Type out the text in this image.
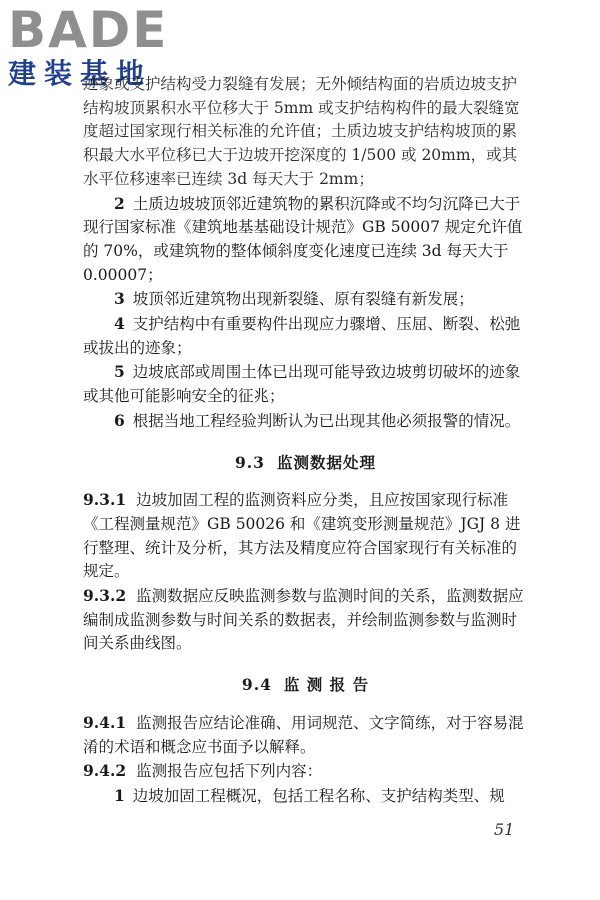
BADE
建装基地

迹象或支护结构受力裂缝有发展；无外倾结构面的岩质边坡支护结构坡顶累积水平位移大于 5mm 或支护结构构件的最大裂缝宽度超过国家现行相关标准的允许值；土质边坡支护结构坡顶的累积最大水平位移已大于边坡开挖深度的 1/500 或 20mm，或其水平位移速率已连续 3d 每天大于 2mm；

2 土质边坡坡顶邻近建筑物的累积沉降或不均匀沉降已大于现行国家标准《建筑地基基础设计规范》GB 50007 规定允许值的 70%，或建筑物的整体倾斜度变化速度已连续 3d 每天大于 0.00007；

3 坡顶邻近建筑物出现新裂缝、原有裂缝有新发展；

4 支护结构中有重要构件出现应力骤增、压屈、断裂、松弛或拔出的迹象；

5 边坡底部或周围土体已出现可能导致边坡剪切破坏的迹象或其他可能影响安全的征兆；

6 根据当地工程经验判断认为已出现其他必须报警的情况。

9.3 监测数据处理

9.3.1 边坡加固工程的监测资料应分类，且应按国家现行标准《工程测量规范》GB 50026 和《建筑变形测量规范》JGJ 8 进行整理、统计及分析，其方法及精度应符合国家现行有关标准的规定。

9.3.2 监测数据应反映监测参数与监测时间的关系，监测数据应编制成监测参数与时间关系的数据表，并绘制监测参数与监测时间关系曲线图。

9.4 监 测 报 告

9.4.1 监测报告应结论准确、用词规范、文字简练，对于容易混淆的术语和概念应书面予以解释。

9.4.2 监测报告应包括下列内容：

1 边坡加固工程概况，包括工程名称、支护结构类型、规

51
